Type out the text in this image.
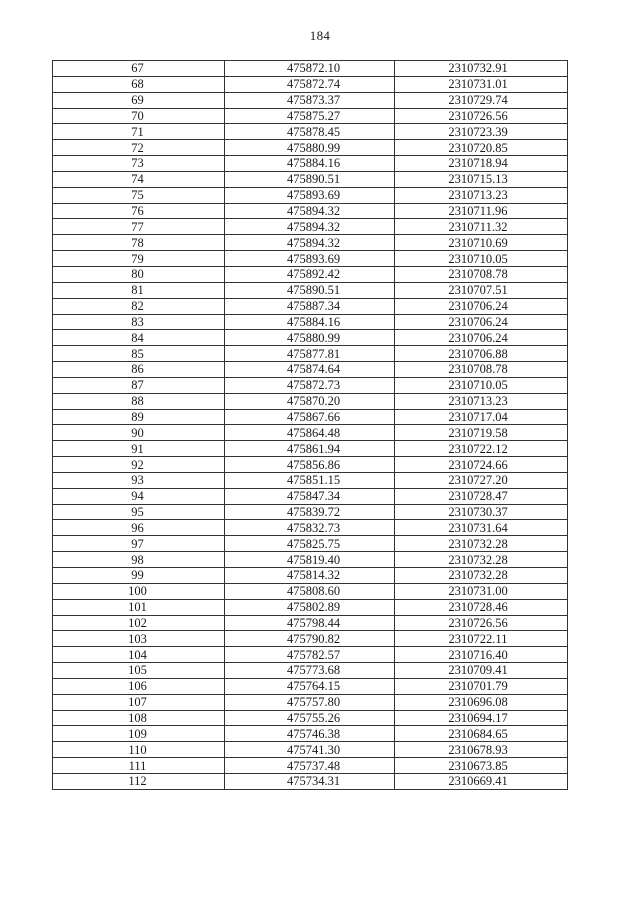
184
67	475872.10	2310732.91
68	475872.74	2310731.01
69	475873.37	2310729.74
70	475875.27	2310726.56
71	475878.45	2310723.39
72	475880.99	2310720.85
73	475884.16	2310718.94
74	475890.51	2310715.13
75	475893.69	2310713.23
76	475894.32	2310711.96
77	475894.32	2310711.32
78	475894.32	2310710.69
79	475893.69	2310710.05
80	475892.42	2310708.78
81	475890.51	2310707.51
82	475887.34	2310706.24
83	475884.16	2310706.24
84	475880.99	2310706.24
85	475877.81	2310706.88
86	475874.64	2310708.78
87	475872.73	2310710.05
88	475870.20	2310713.23
89	475867.66	2310717.04
90	475864.48	2310719.58
91	475861.94	2310722.12
92	475856.86	2310724.66
93	475851.15	2310727.20
94	475847.34	2310728.47
95	475839.72	2310730.37
96	475832.73	2310731.64
97	475825.75	2310732.28
98	475819.40	2310732.28
99	475814.32	2310732.28
100	475808.60	2310731.00
101	475802.89	2310728.46
102	475798.44	2310726.56
103	475790.82	2310722.11
104	475782.57	2310716.40
105	475773.68	2310709.41
106	475764.15	2310701.79
107	475757.80	2310696.08
108	475755.26	2310694.17
109	475746.38	2310684.65
110	475741.30	2310678.93
111	475737.48	2310673.85
112	475734.31	2310669.41
